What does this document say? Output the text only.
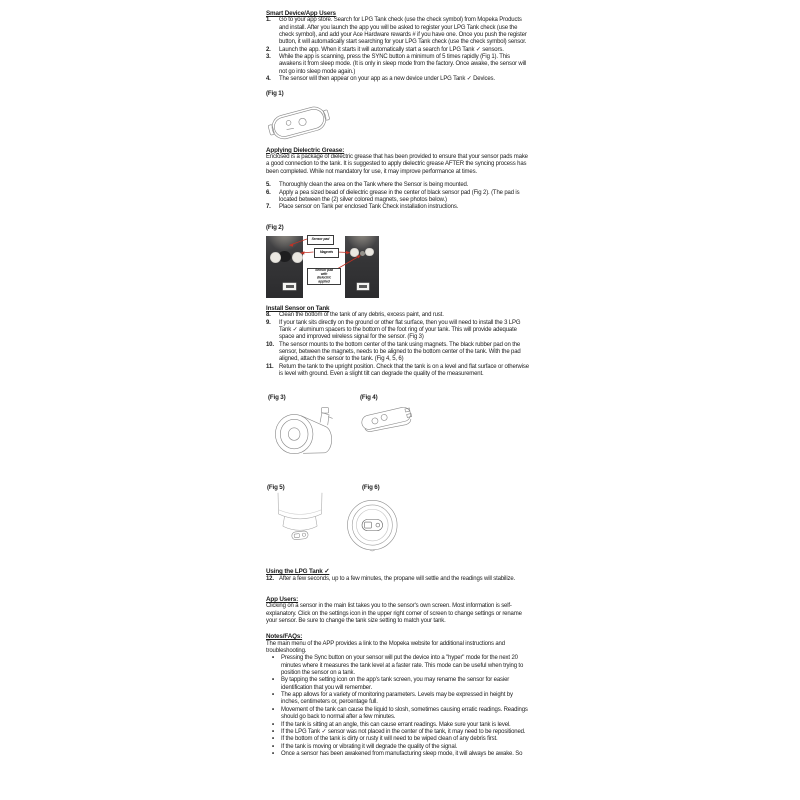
Smart Device/App Users
1.	Go to your app store. Search for LPG Tank check (use the check symbol) from Mopeka Products and install. After you launch the app you will be asked to register your LPG Tank check (use the check symbol), and add your Ace Hardware rewards # if you have one. Once you push the register button, it will automatically start searching for your LPG Tank check (use the check symbol) sensor.
2.	Launch the app. When it starts it will automatically start a search for LPG Tank ✓ sensors.
3.	While the app is scanning, press the SYNC button a minimum of 5 times rapidly (Fig 1). This awakens it from sleep mode. (It is only in sleep mode from the factory. Once awake, the sensor will not go into sleep mode again.)
4.	The sensor will then appear on your app as a new device under LPG Tank ✓ Devices.
(Fig 1)
Applying Dielectric Grease:
Enclosed is a package of dielectric grease that has been provided to ensure that your sensor pads make a good connection to the tank. It is suggested to apply dielectric grease AFTER the syncing process has been completed. While not mandatory for use, it may improve performance at times.
5.	Thoroughly clean the area on the Tank where the Sensor is being mounted.
6.	Apply a pea sized bead of dielectric grease in the center of black sensor pad (Fig 2). (The pad is located between the (2) silver colored magnets, see photos below.)
7.	Place sensor on Tank per enclosed Tank Check installation instructions.
(Fig 2)
Sensor pad
Magnets
Sensor pad with dielectric applied
Install Sensor on Tank
8.	Clean the bottom of the tank of any debris, excess paint, and rust.
9.	If your tank sits directly on the ground or other flat surface, then you will need to install the 3 LPG Tank ✓ aluminum spacers to the bottom of the foot ring of your tank. This will provide adequate space and improved wireless signal for the sensor. (Fig 3)
10. The sensor mounts to the bottom center of the tank using magnets. The black rubber pad on the sensor, between the magnets, needs to be aligned to the bottom center of the tank. With the pad aligned, attach the sensor to the tank. (Fig 4, 5, 6)
11. Return the tank to the upright position. Check that the tank is on a level and flat surface or otherwise is level with ground. Even a slight tilt can degrade the quality of the measurement.
(Fig 3)	(Fig 4)
(Fig 5)	(Fig 6)
Using the LPG Tank ✓
12. After a few seconds, up to a few minutes, the propane will settle and the readings will stabilize.
App Users:
Clicking on a sensor in the main list takes you to the sensor's own screen. Most information is self-explanatory. Click on the settings icon in the upper right corner of screen to change settings or rename your sensor. Be sure to change the tank size setting to match your tank.
Notes/FAQs:
The main menu of the APP provides a link to the Mopeka website for additional instructions and troubleshooting.
•	Pressing the Sync button on your sensor will put the device into a "hyper" mode for the next 20 minutes where it measures the tank level at a faster rate. This mode can be useful when trying to position the sensor on a tank.
•	By tapping the setting icon on the app's tank screen, you may rename the sensor for easier identification that you will remember.
•	The app allows for a variety of monitoring parameters. Levels may be expressed in height by inches, centimeters or, percentage full.
•	Movement of the tank can cause the liquid to slosh, sometimes causing erratic readings. Readings should go back to normal after a few minutes.
•	If the tank is sitting at an angle, this can cause errant readings. Make sure your tank is level.
•	If the LPG Tank ✓ sensor was not placed in the center of the tank, it may need to be repositioned.
•	If the bottom of the tank is dirty or rusty it will need to be wiped clean of any debris first.
•	If the tank is moving or vibrating it will degrade the quality of the signal.
•	Once a sensor has been awakened from manufacturing sleep mode, it will always be awake. So
